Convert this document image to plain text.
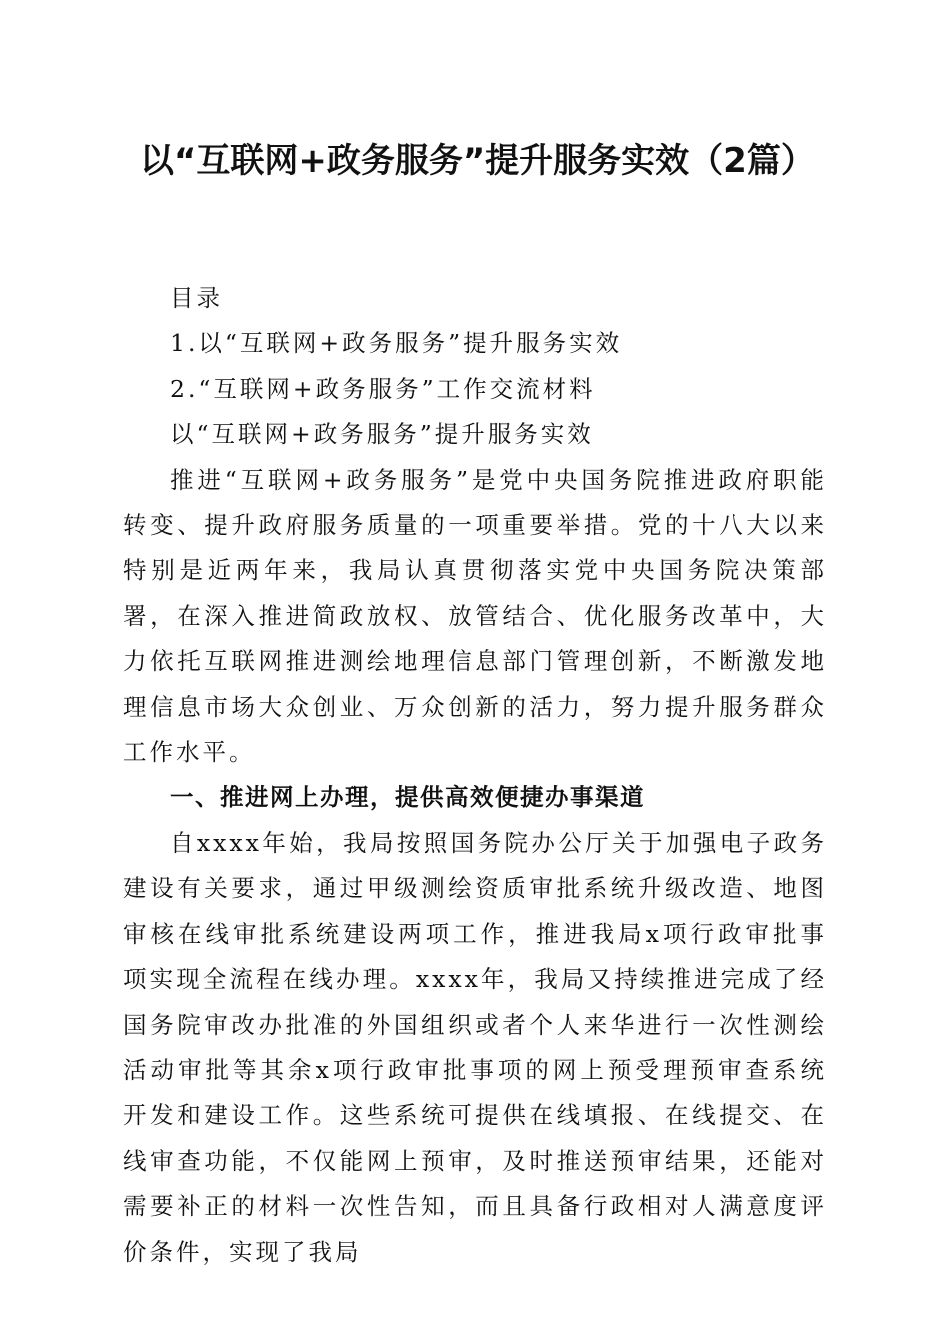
以“互联网+政务服务”提升服务实效（2篇）

目录

1.以“互联网+政务服务”提升服务实效

2.“互联网+政务服务”工作交流材料

以“互联网+政务服务”提升服务实效

推进“互联网+政务服务”是党中央国务院推进政府职能转变、提升政府服务质量的一项重要举措。党的十八大以来特别是近两年来，我局认真贯彻落实党中央国务院决策部署，在深入推进简政放权、放管结合、优化服务改革中，大力依托互联网推进测绘地理信息部门管理创新，不断激发地理信息市场大众创业、万众创新的活力，努力提升服务群众工作水平。

一、推进网上办理，提供高效便捷办事渠道

自xxxx年始，我局按照国务院办公厅关于加强电子政务建设有关要求，通过甲级测绘资质审批系统升级改造、地图审核在线审批系统建设两项工作，推进我局x项行政审批事项实现全流程在线办理。xxxx年，我局又持续推进完成了经国务院审改办批准的外国组织或者个人来华进行一次性测绘活动审批等其余x项行政审批事项的网上预受理预审查系统开发和建设工作。这些系统可提供在线填报、在线提交、在线审查功能，不仅能网上预审，及时推送预审结果，还能对需要补正的材料一次性告知，而且具备行政相对人满意度评价条件，实现了我局
